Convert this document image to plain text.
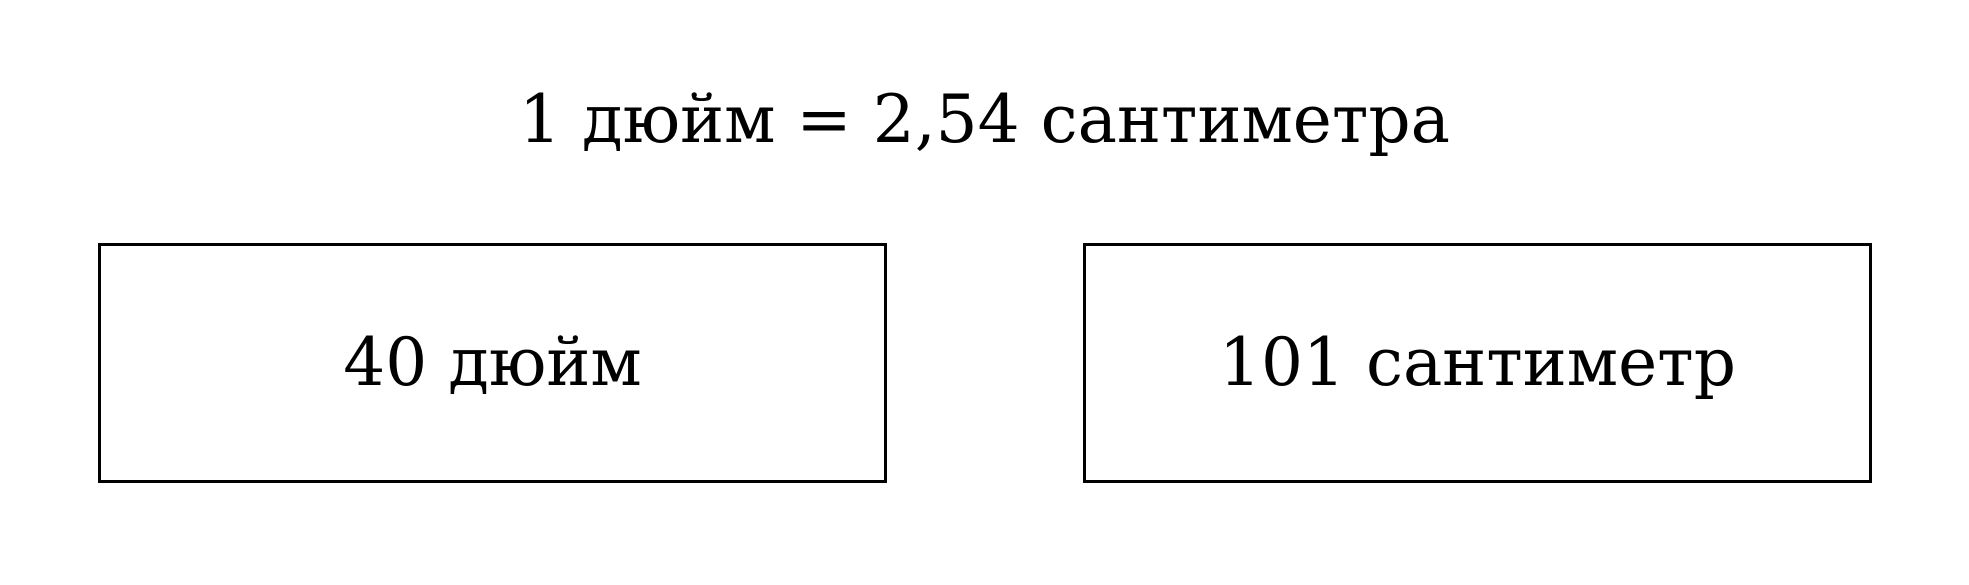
1 дюйм = 2,54 сантиметра
40 дюйм	101 сантиметр
